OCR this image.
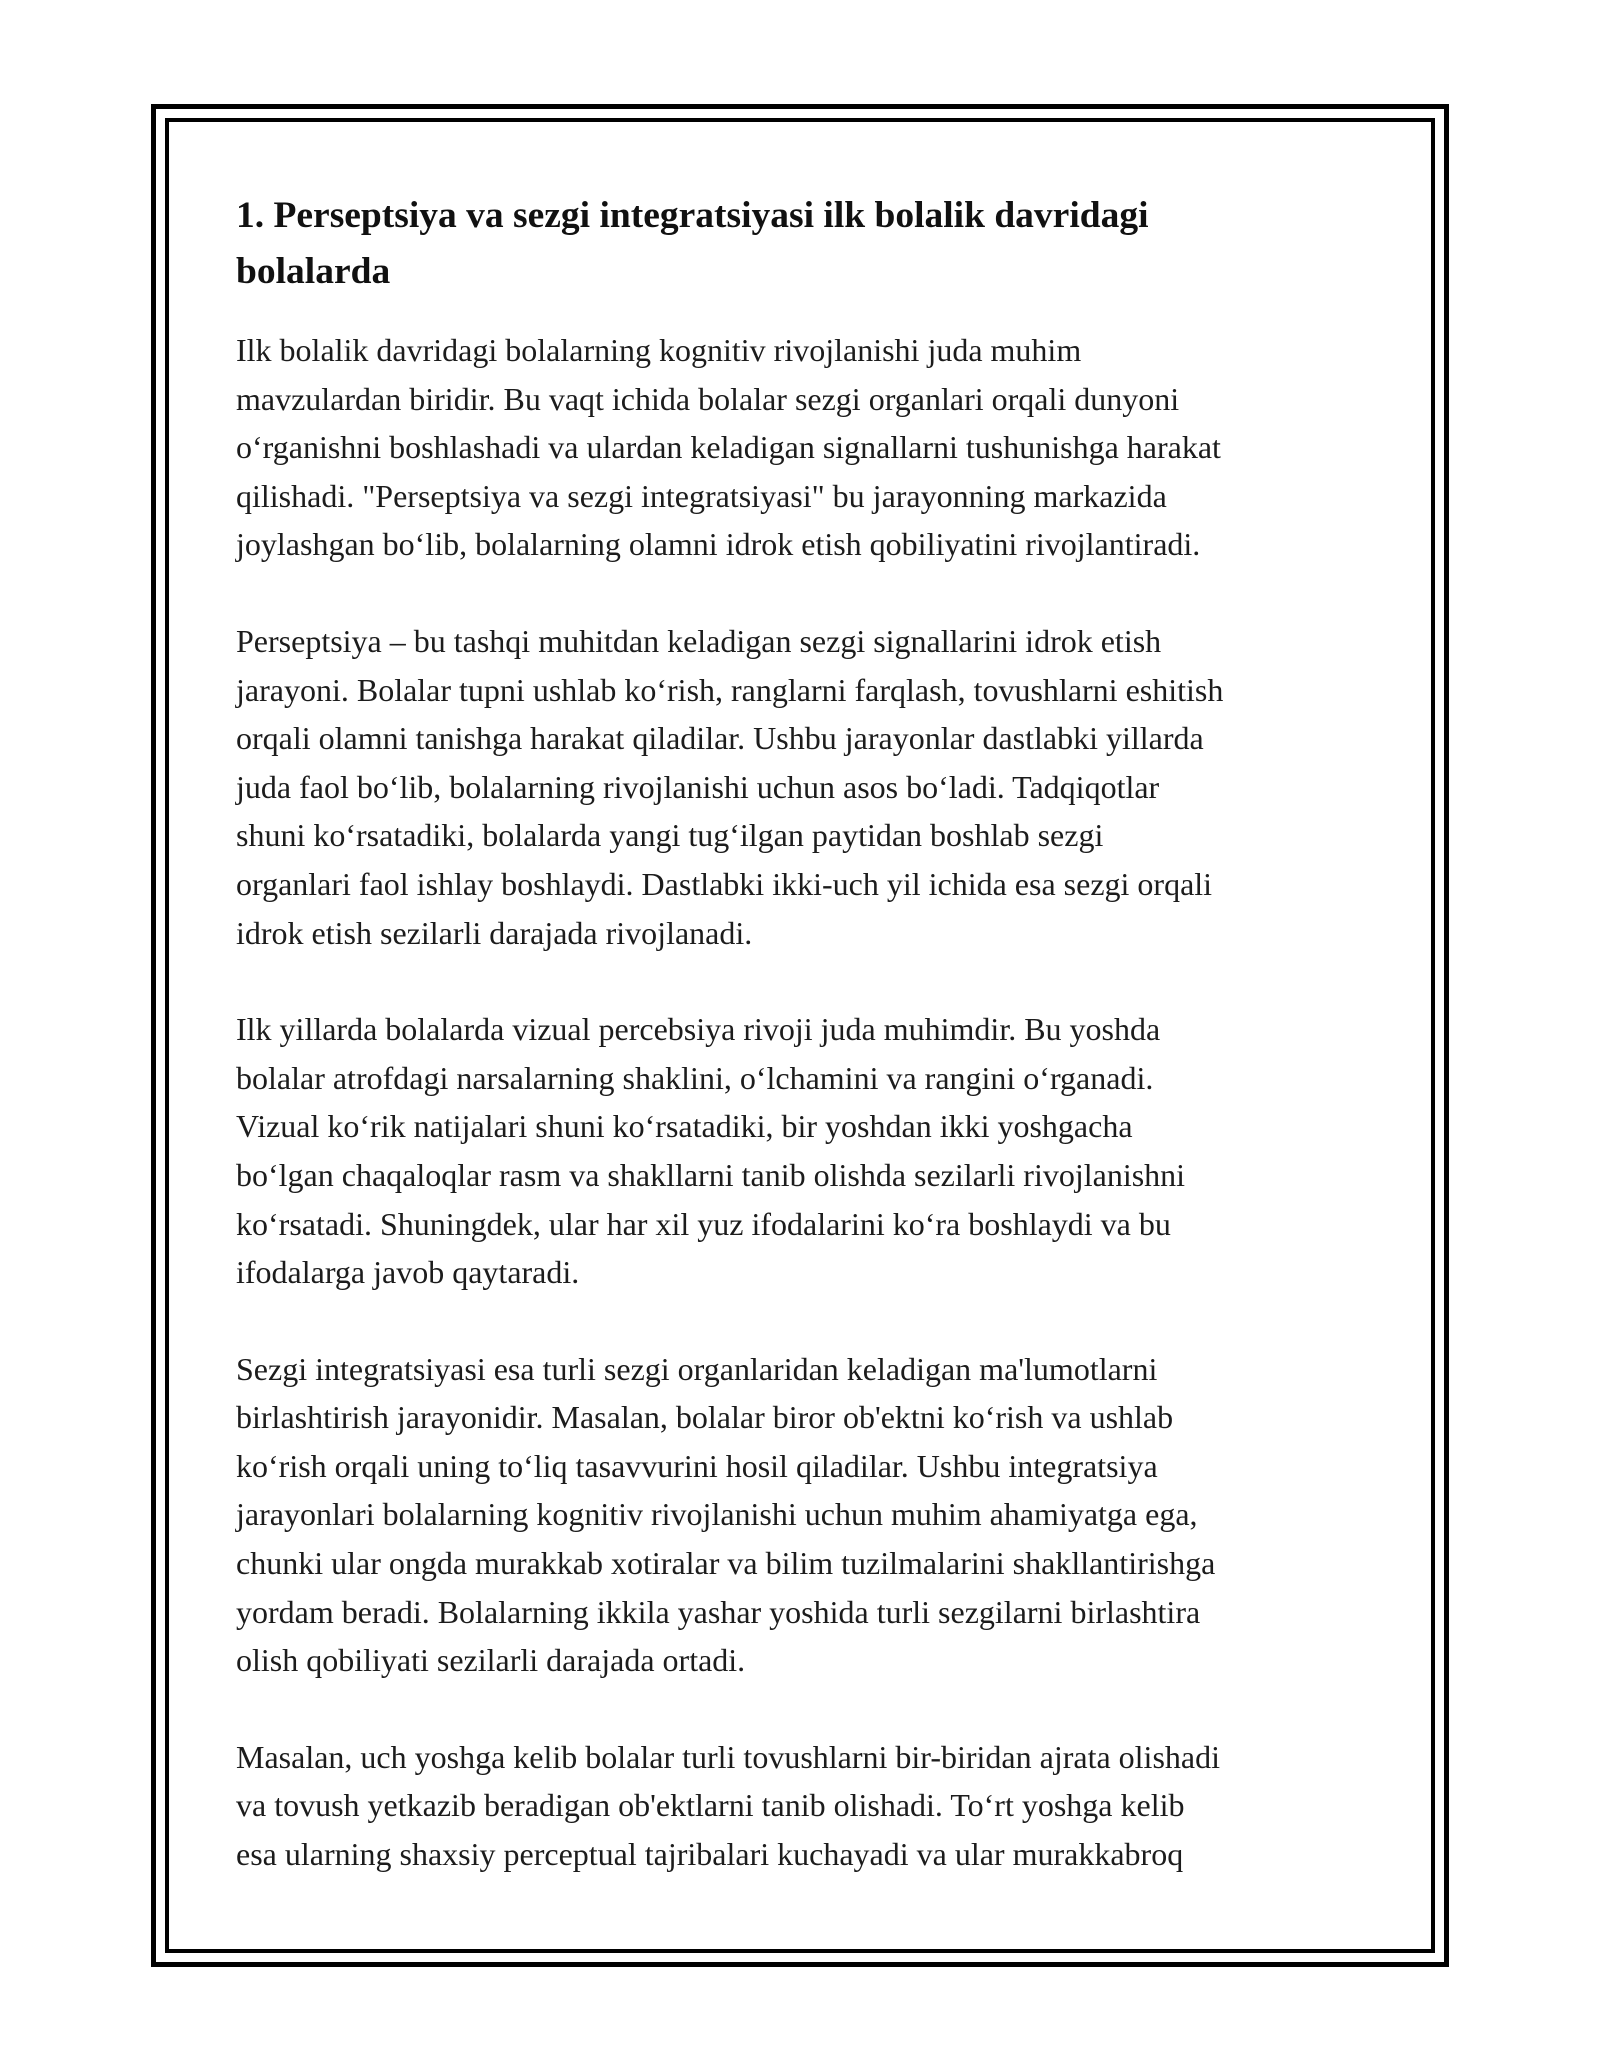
1. Perseptsiya va sezgi integratsiyasi ilk bolalik davridagi
bolalarda

Ilk bolalik davridagi bolalarning kognitiv rivojlanishi juda muhim
mavzulardan biridir. Bu vaqt ichida bolalar sezgi organlari orqali dunyoni
o‘rganishni boshlashadi va ulardan keladigan signallarni tushunishga harakat
qilishadi. "Perseptsiya va sezgi integratsiyasi" bu jarayonning markazida
joylashgan bo‘lib, bolalarning olamni idrok etish qobiliyatini rivojlantiradi.

Perseptsiya – bu tashqi muhitdan keladigan sezgi signallarini idrok etish
jarayoni. Bolalar tupni ushlab ko‘rish, ranglarni farqlash, tovushlarni eshitish
orqali olamni tanishga harakat qiladilar. Ushbu jarayonlar dastlabki yillarda
juda faol bo‘lib, bolalarning rivojlanishi uchun asos bo‘ladi. Tadqiqotlar
shuni ko‘rsatadiki, bolalarda yangi tug‘ilgan paytidan boshlab sezgi
organlari faol ishlay boshlaydi. Dastlabki ikki-uch yil ichida esa sezgi orqali
idrok etish sezilarli darajada rivojlanadi.

Ilk yillarda bolalarda vizual percebsiya rivoji juda muhimdir. Bu yoshda
bolalar atrofdagi narsalarning shaklini, o‘lchamini va rangini o‘rganadi.
Vizual ko‘rik natijalari shuni ko‘rsatadiki, bir yoshdan ikki yoshgacha
bo‘lgan chaqaloqlar rasm va shakllarni tanib olishda sezilarli rivojlanishni
ko‘rsatadi. Shuningdek, ular har xil yuz ifodalarini ko‘ra boshlaydi va bu
ifodalarga javob qaytaradi.

Sezgi integratsiyasi esa turli sezgi organlaridan keladigan ma'lumotlarni
birlashtirish jarayonidir. Masalan, bolalar biror ob'ektni ko‘rish va ushlab
ko‘rish orqali uning to‘liq tasavvurini hosil qiladilar. Ushbu integratsiya
jarayonlari bolalarning kognitiv rivojlanishi uchun muhim ahamiyatga ega,
chunki ular ongda murakkab xotiralar va bilim tuzilmalarini shakllantirishga
yordam beradi. Bolalarning ikkila yashar yoshida turli sezgilarni birlashtira
olish qobiliyati sezilarli darajada ortadi.

Masalan, uch yoshga kelib bolalar turli tovushlarni bir-biridan ajrata olishadi
va tovush yetkazib beradigan ob'ektlarni tanib olishadi. To‘rt yoshga kelib
esa ularning shaxsiy perceptual tajribalari kuchayadi va ular murakkabroq
